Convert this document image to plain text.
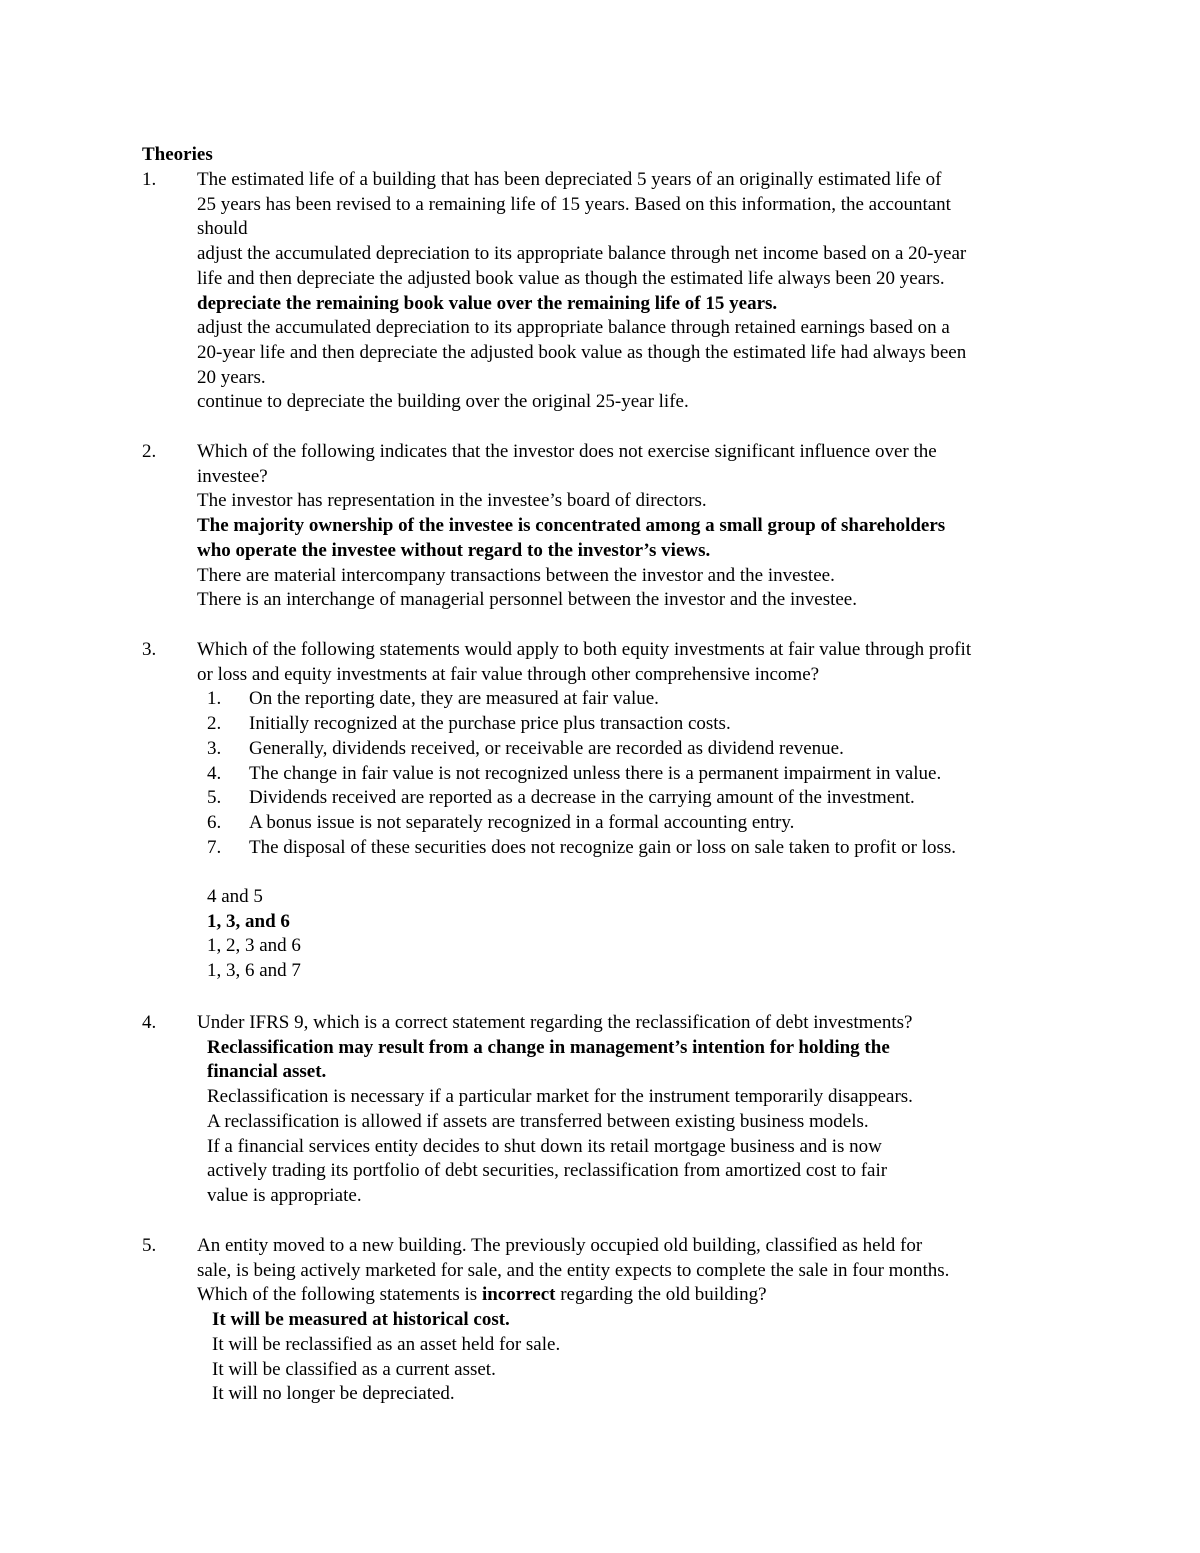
Theories
1.	The estimated life of a building that has been depreciated 5 years of an originally estimated life of
25 years has been revised to a remaining life of 15 years. Based on this information, the accountant
should
adjust the accumulated depreciation to its appropriate balance through net income based on a 20-year
life and then depreciate the adjusted book value as though the estimated life always been 20 years.
depreciate the remaining book value over the remaining life of 15 years.
adjust the accumulated depreciation to its appropriate balance through retained earnings based on a
20-year life and then depreciate the adjusted book value as though the estimated life had always been
20 years.
continue to depreciate the building over the original 25-year life.
2.	Which of the following indicates that the investor does not exercise significant influence over the
investee?
The investor has representation in the investee’s board of directors.
The majority ownership of the investee is concentrated among a small group of shareholders
who operate the investee without regard to the investor’s views.
There are material intercompany transactions between the investor and the investee.
There is an interchange of managerial personnel between the investor and the investee.
3.	Which of the following statements would apply to both equity investments at fair value through profit
or loss and equity investments at fair value through other comprehensive income?
1. On the reporting date, they are measured at fair value.
2. Initially recognized at the purchase price plus transaction costs.
3. Generally, dividends received, or receivable are recorded as dividend revenue.
4. The change in fair value is not recognized unless there is a permanent impairment in value.
5. Dividends received are reported as a decrease in the carrying amount of the investment.
6. A bonus issue is not separately recognized in a formal accounting entry.
7. The disposal of these securities does not recognize gain or loss on sale taken to profit or loss.
4 and 5
1, 3, and 6
1, 2, 3 and 6
1, 3, 6 and 7
4.	Under IFRS 9, which is a correct statement regarding the reclassification of debt investments?
Reclassification may result from a change in management’s intention for holding the
financial asset.
Reclassification is necessary if a particular market for the instrument temporarily disappears.
A reclassification is allowed if assets are transferred between existing business models.
If a financial services entity decides to shut down its retail mortgage business and is now
actively trading its portfolio of debt securities, reclassification from amortized cost to fair
value is appropriate.
5.	An entity moved to a new building. The previously occupied old building, classified as held for
sale, is being actively marketed for sale, and the entity expects to complete the sale in four months.
Which of the following statements is incorrect regarding the old building?
It will be measured at historical cost.
It will be reclassified as an asset held for sale.
It will be classified as a current asset.
It will no longer be depreciated.
